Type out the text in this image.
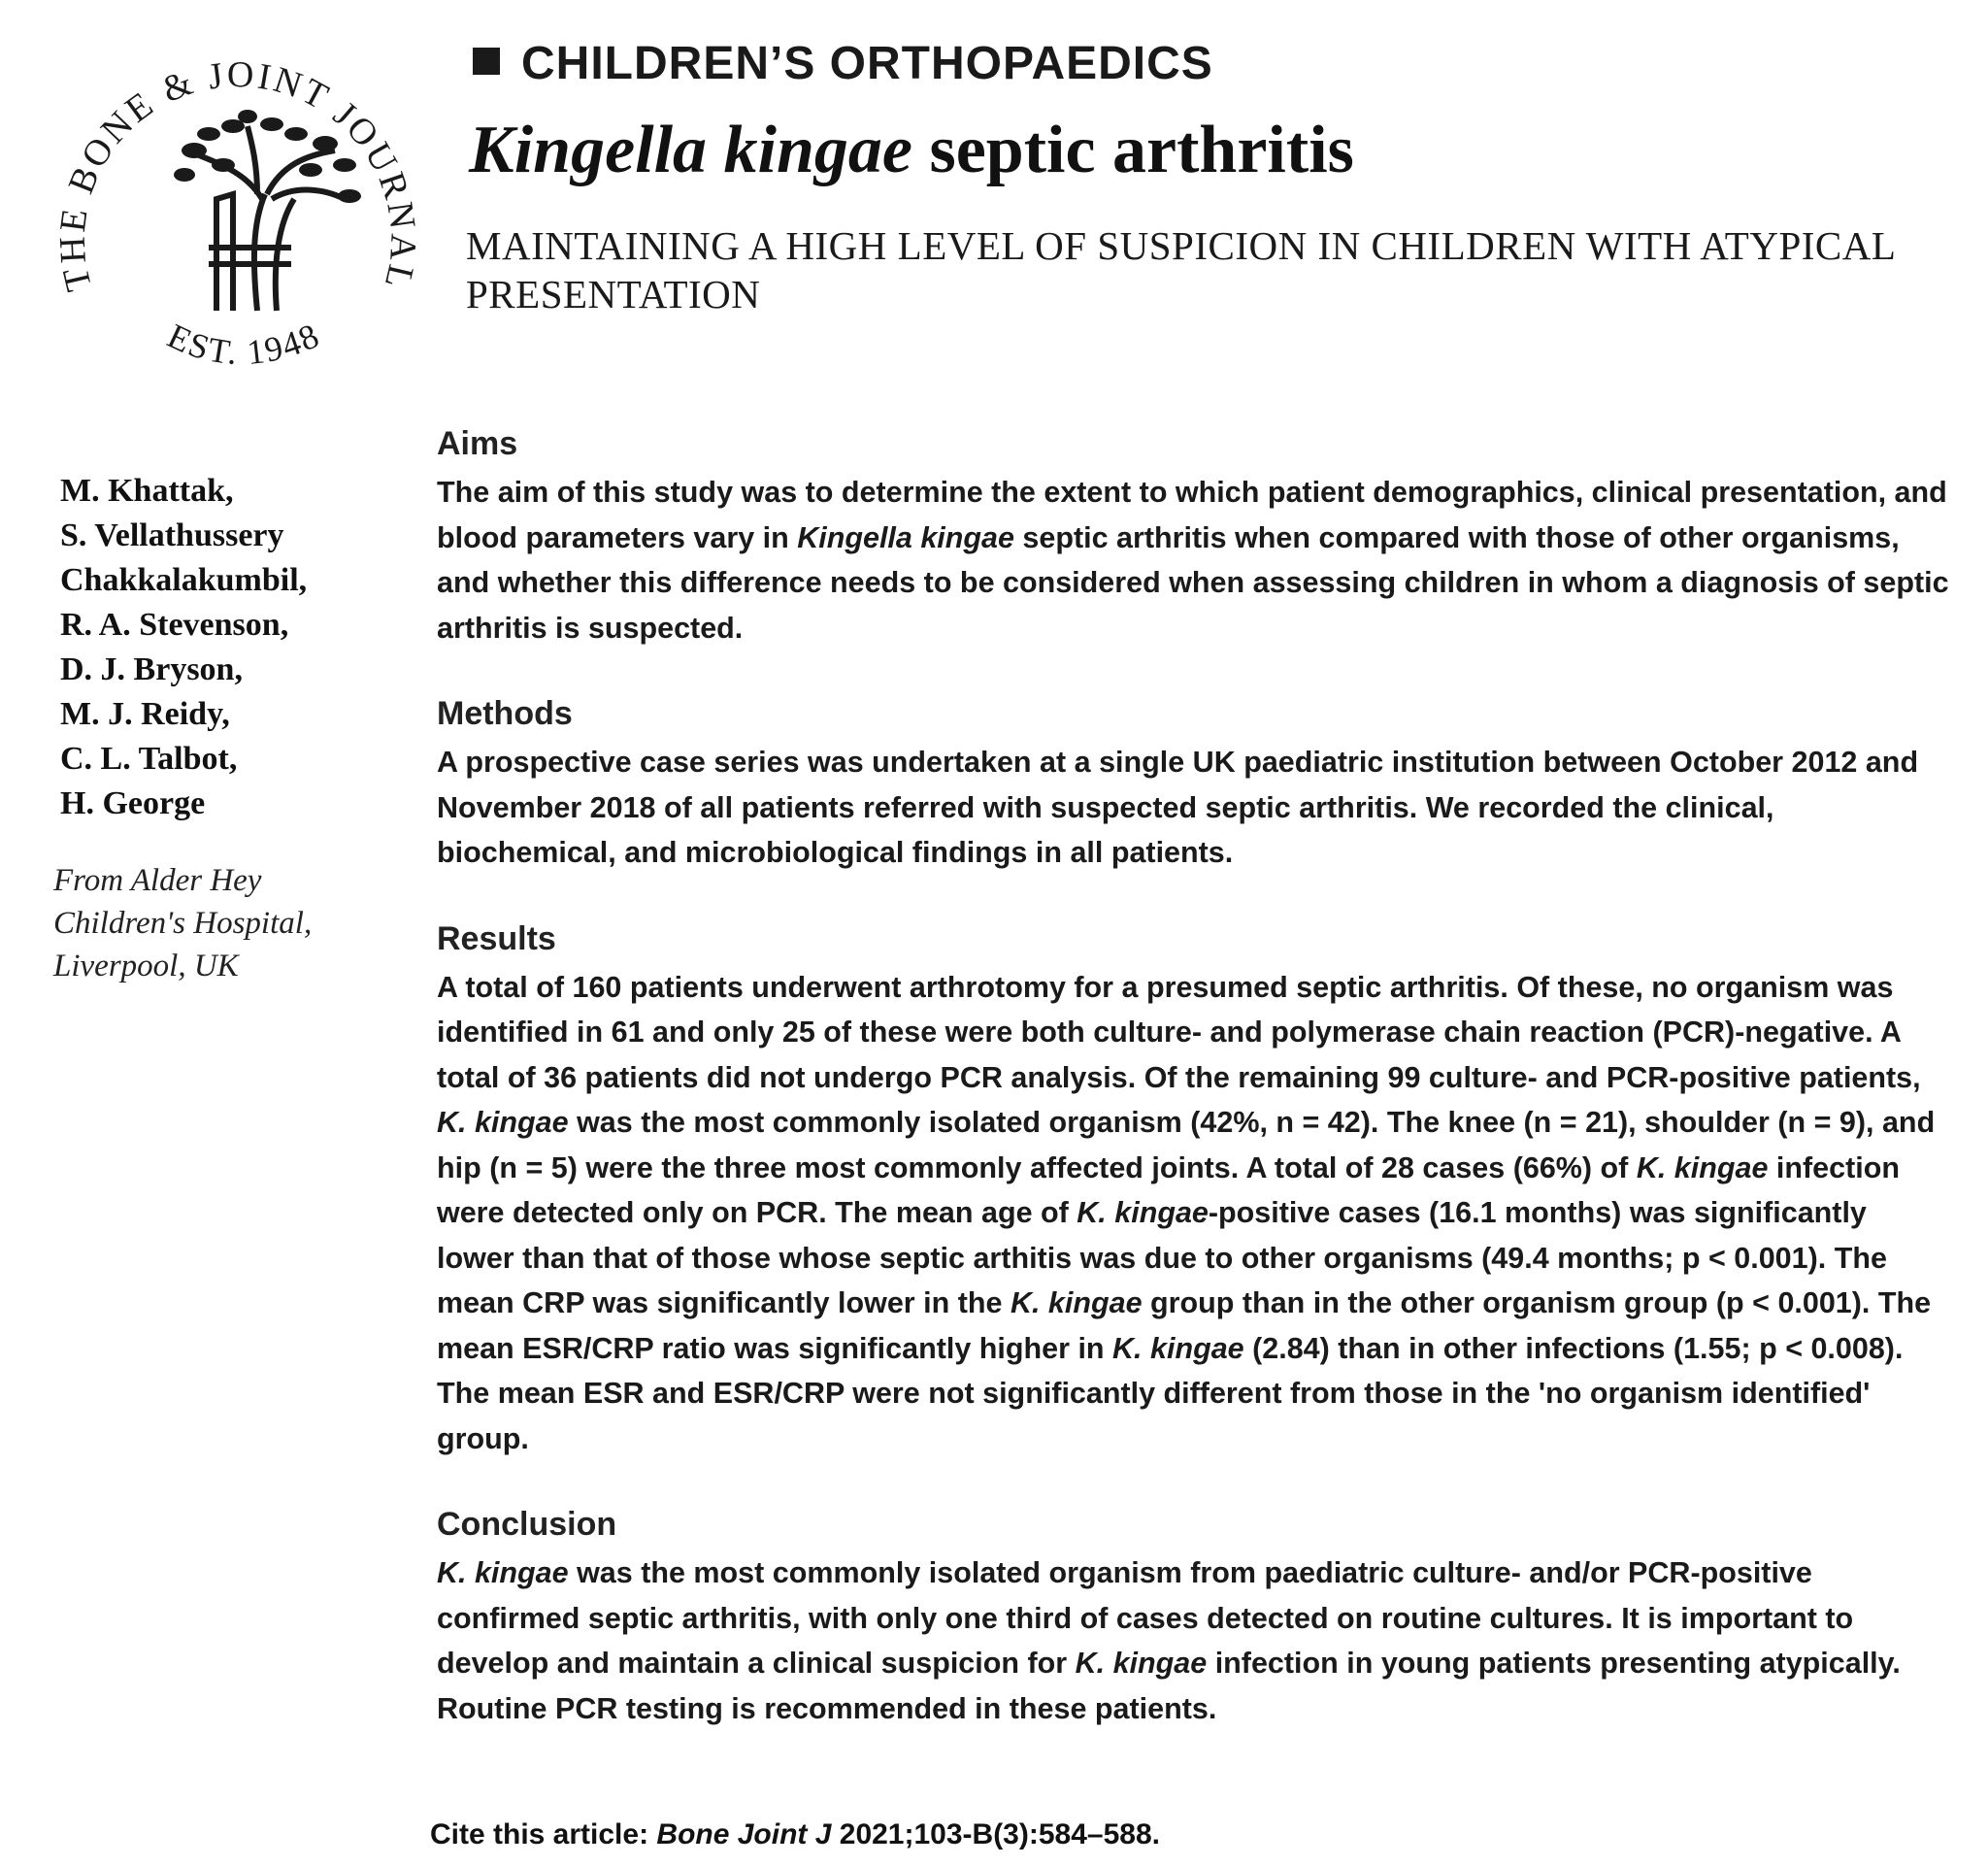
THE BONE & JOINT JOURNAL
EST. 1948
CHILDREN’S ORTHOPAEDICS
Kingella kingae septic arthritis
MAINTAINING A HIGH LEVEL OF SUSPICION IN CHILDREN WITH ATYPICAL PRESENTATION
M. Khattak,
S. Vellathussery
Chakkalakumbil,
R. A. Stevenson,
D. J. Bryson,
M. J. Reidy,
C. L. Talbot,
H. George
From Alder Hey
Children's Hospital,
Liverpool, UK
Aims

The aim of this study was to determine the extent to which patient demographics, clinical presentation, and blood parameters vary in Kingella kingae septic arthritis when compared with those of other organisms, and whether this difference needs to be considered when assessing children in whom a diagnosis of septic arthritis is suspected.

Methods

A prospective case series was undertaken at a single UK paediatric institution between October 2012 and November 2018 of all patients referred with suspected septic arthritis. We recorded the clinical, biochemical, and microbiological findings in all patients.

Results

A total of 160 patients underwent arthrotomy for a presumed septic arthritis. Of these, no organism was identified in 61 and only 25 of these were both culture- and polymerase chain reaction (PCR)-negative. A total of 36 patients did not undergo PCR analysis. Of the remaining 99 culture- and PCR-positive patients, K. kingae was the most commonly isolated organism (42%, n = 42). The knee (n = 21), shoulder (n = 9), and hip (n = 5) were the three most commonly affected joints. A total of 28 cases (66%) of K. kingae infection were detected only on PCR. The mean age of K. kingae-positive cases (16.1 months) was significantly lower than that of those whose septic arthitis was due to other organisms (49.4 months; p < 0.001). The mean CRP was significantly lower in the K. kingae group than in the other organism group (p < 0.001). The mean ESR/CRP ratio was significantly higher in K. kingae (2.84) than in other infections (1.55; p < 0.008). The mean ESR and ESR/CRP were not significantly different from those in the 'no organism identified' group.

Conclusion

K. kingae was the most commonly isolated organism from paediatric culture- and/or PCR-positive confirmed septic arthritis, with only one third of cases detected on routine cultures. It is important to develop and maintain a clinical suspicion for K. kingae infection in young patients presenting atypically. Routine PCR testing is recommended in these patients.

Cite this article: Bone Joint J 2021;103-B(3):584–588.
